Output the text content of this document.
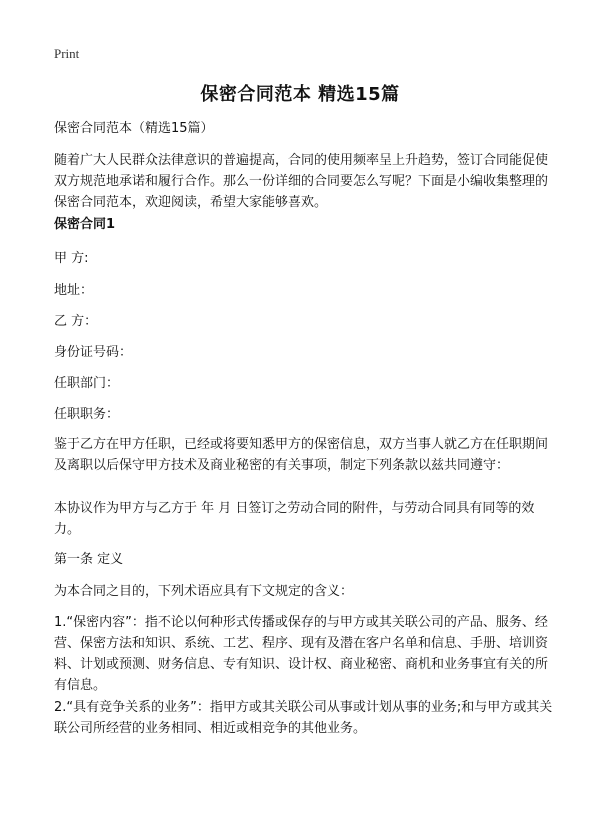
Print
保密合同范本 精选15篇

保密合同范本（精选15篇）

随着广大人民群众法律意识的普遍提高，合同的使用频率呈上升趋势，签订合同能促使双方规范地承诺和履行合作。那么一份详细的合同要怎么写呢？下面是小编收集整理的保密合同范本，欢迎阅读，希望大家能够喜欢。

保密合同1

甲 方:

地址：

乙 方：

身份证号码：

任职部门：

任职职务：

鉴于乙方在甲方任职，已经或将要知悉甲方的保密信息，双方当事人就乙方在任职期间及离职以后保守甲方技术及商业秘密的有关事项，制定下列条款以兹共同遵守：

本协议作为甲方与乙方于 年 月 日签订之劳动合同的附件，与劳动合同具有同等的效力。

第一条 定义

为本合同之目的，下列术语应具有下文规定的含义：

1.“保密内容”：指不论以何种形式传播或保存的与甲方或其关联公司的产品、服务、经营、保密方法和知识、系统、工艺、程序、现有及潜在客户名单和信息、手册、培训资料、计划或预测、财务信息、专有知识、设计权、商业秘密、商机和业务事宜有关的所有信息。

2.“具有竞争关系的业务”：指甲方或其关联公司从事或计划从事的业务;和与甲方或其关联公司所经营的业务相同、相近或相竞争的其他业务。
